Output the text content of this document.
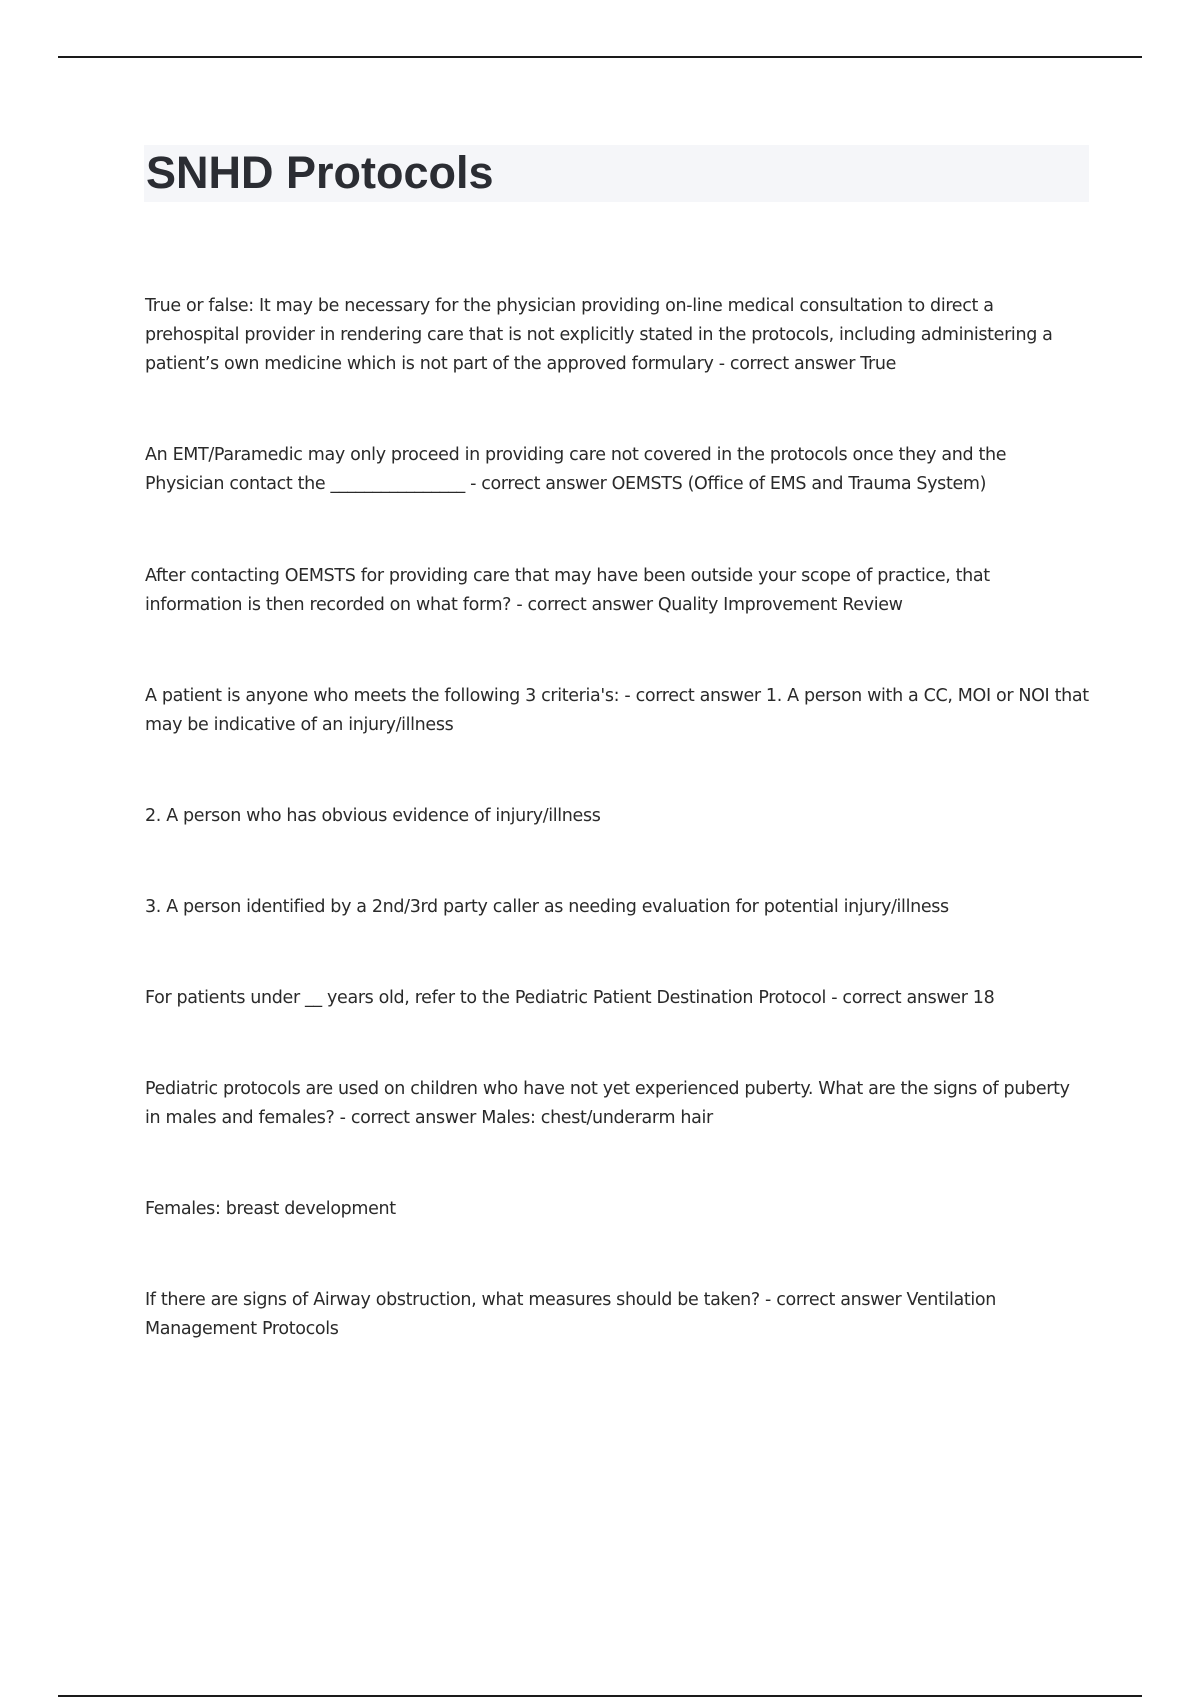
SNHD Protocols

True or false: It may be necessary for the physician providing on-line medical consultation to direct a prehospital provider in rendering care that is not explicitly stated in the protocols, including administering a patient’s own medicine which is not part of the approved formulary - correct answer True

An EMT/Paramedic may only proceed in providing care not covered in the protocols once they and the Physician contact the ________________ - correct answer OEMSTS (Office of EMS and Trauma System)

After contacting OEMSTS for providing care that may have been outside your scope of practice, that information is then recorded on what form? - correct answer Quality Improvement Review

A patient is anyone who meets the following 3 criteria's: - correct answer 1. A person with a CC, MOI or NOI that may be indicative of an injury/illness

2. A person who has obvious evidence of injury/illness

3. A person identified by a 2nd/3rd party caller as needing evaluation for potential injury/illness

For patients under __ years old, refer to the Pediatric Patient Destination Protocol - correct answer 18

Pediatric protocols are used on children who have not yet experienced puberty. What are the signs of puberty in males and females? - correct answer Males: chest/underarm hair

Females: breast development

If there are signs of Airway obstruction, what measures should be taken? - correct answer Ventilation Management Protocols
